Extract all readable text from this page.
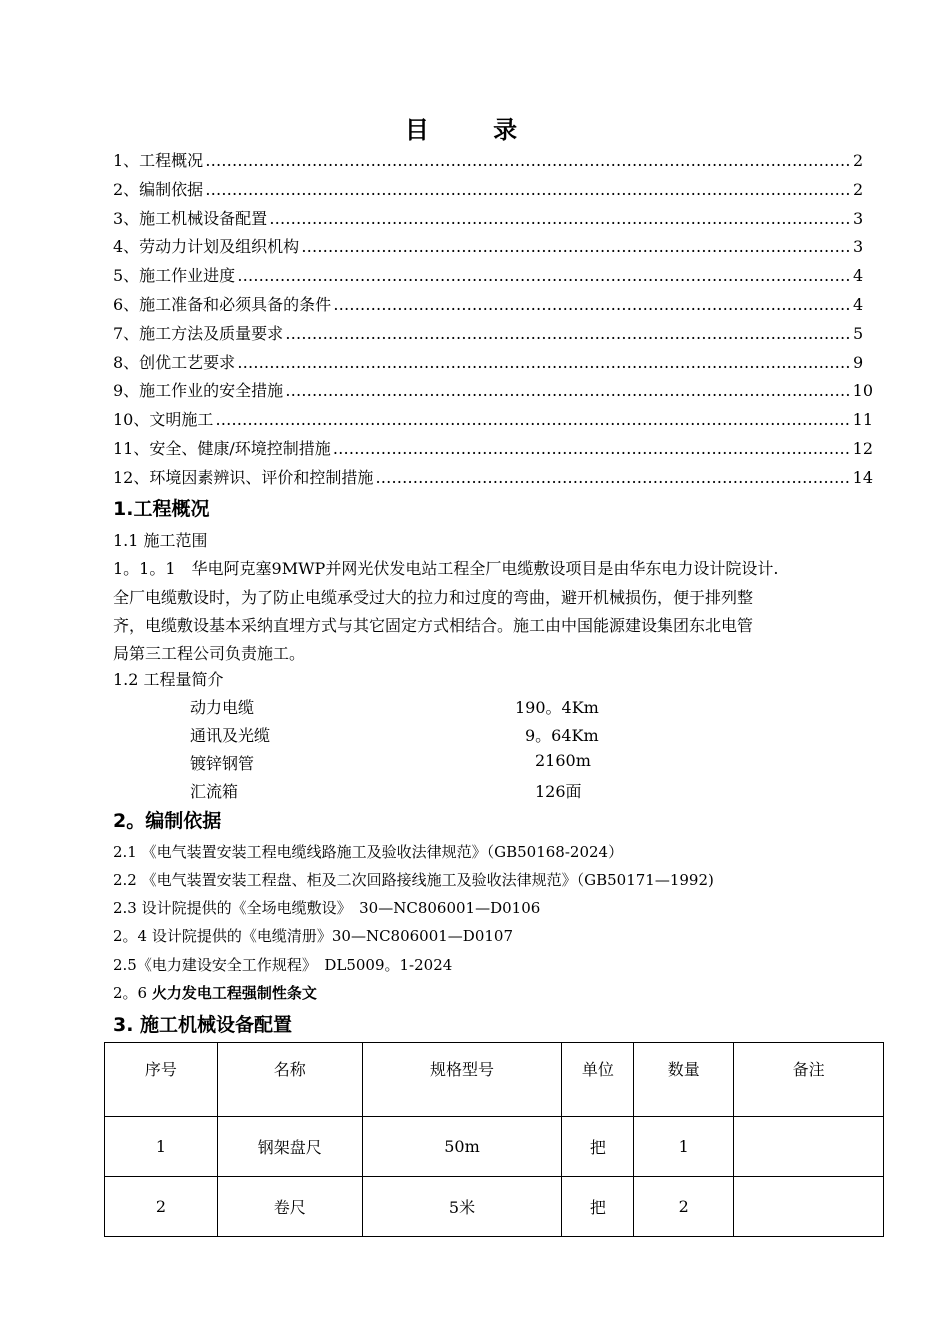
目 录
1、工程概况 …………………………………………………………………………………………………………………………………………………………………………………	2
2、编制依据 …………………………………………………………………………………………………………………………………………………………………………………	2
3、施工机械设备配置 …………………………………………………………………………………………………………………………………………………………………………………	3
4、劳动力计划及组织机构 …………………………………………………………………………………………………………………………………………………………………………………	3
5、施工作业进度 …………………………………………………………………………………………………………………………………………………………………………………	4
6、施工准备和必须具备的条件 …………………………………………………………………………………………………………………………………………………………………………………	4
7、施工方法及质量要求 …………………………………………………………………………………………………………………………………………………………………………………	5
8、创优工艺要求 …………………………………………………………………………………………………………………………………………………………………………………	9
9、施工作业的安全措施 …………………………………………………………………………………………………………………………………………………………………………………	10
10、文明施工 …………………………………………………………………………………………………………………………………………………………………………………	11
11、安全、健康/环境控制措施 …………………………………………………………………………………………………………………………………………………………………………………	12
12、环境因素辨识、评价和控制措施 …………………………………………………………………………………………………………………………………………………………………………………	14
1.工程概况
1.1 施工范围
1。1。1　华电阿克塞9MWP并网光伏发电站工程全厂电缆敷设项目是由华东电力设计院设计.
全厂电缆敷设时，为了防止电缆承受过大的拉力和过度的弯曲，避开机械损伤，便于排列整
齐，电缆敷设基本采纳直埋方式与其它固定方式相结合。施工由中国能源建设集团东北电管
局第三工程公司负责施工。
1.2 工程量简介
动力电缆	190。4Km
通讯及光缆	9。64Km
镀锌钢管	2160m
汇流箱	126面
2。编制依据
2.1 《电气装置安装工程电缆线路施工及验收法律规范》（GB50168-2024）
2.2 《电气装置安装工程盘、柜及二次回路接线施工及验收法律规范》（GB50171—1992)
2.3 设计院提供的《全场电缆敷设》　30—NC806001—D0106
2。4 设计院提供的《电缆清册》30—NC806001—D0107
2.5《电力建设安全工作规程》　DL5009。1-2024
2。6 火力发电工程强制性条文
3. 施工机械设备配置
序号	名称	规格型号	单位	数量	备注
1	钢架盘尺	50m	把	1	
2	卷尺	5米	把	2	
